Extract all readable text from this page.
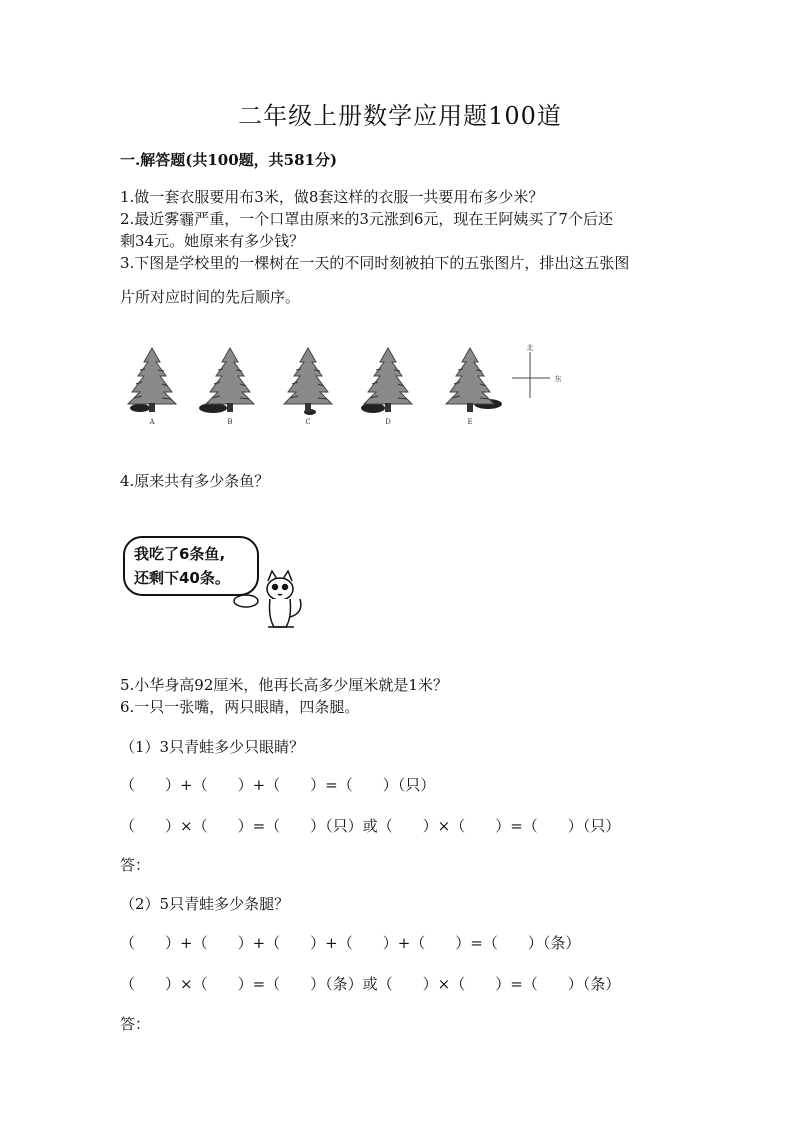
二年级上册数学应用题100道
一.解答题(共100题，共581分)
1.做一套衣服要用布3米，做8套这样的衣服一共要用布多少米？
2.最近雾霾严重，一个口罩由原来的3元涨到6元，现在王阿姨买了7个后还
剩34元。她原来有多少钱？
3.下图是学校里的一棵树在一天的不同时刻被拍下的五张图片，排出这五张图
片所对应时间的先后顺序。
A	B	C	D	E
北
东
4.原来共有多少条鱼？
我吃了6条鱼,
还剩下40条。
5.小华身高92厘米，他再长高多少厘米就是1米？
6.一只一张嘴，两只眼睛，四条腿。
（1）3只青蛙多少只眼睛？
（　　）+（　　）+（　　）=（　　）（只）
（　　）×（　　）=（　　）（只）或（　　）×（　　）=（　　）（只）
答：
（2）5只青蛙多少条腿？
（　　）+（　　）+（　　）+（　　）+（　　）=（　　）（条）
（　　）×（　　）=（　　）（条）或（　　）×（　　）=（　　）（条）
答：
